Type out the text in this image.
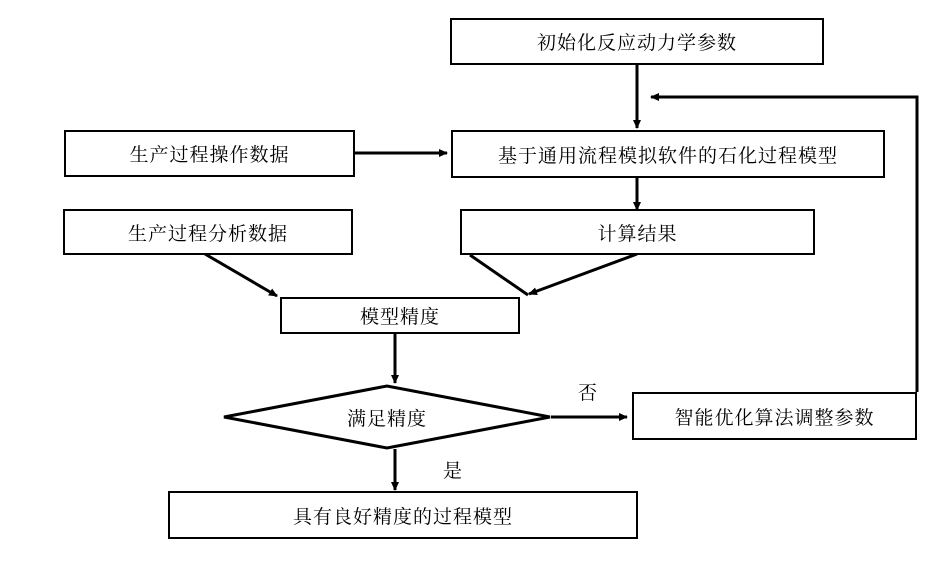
初始化反应动力学参数
生产过程操作数据	基于通用流程模拟软件的石化过程模型
生产过程分析数据	计算结果
模型精度
满足精度	智能优化算法调整参数
具有良好精度的过程模型
否
是
